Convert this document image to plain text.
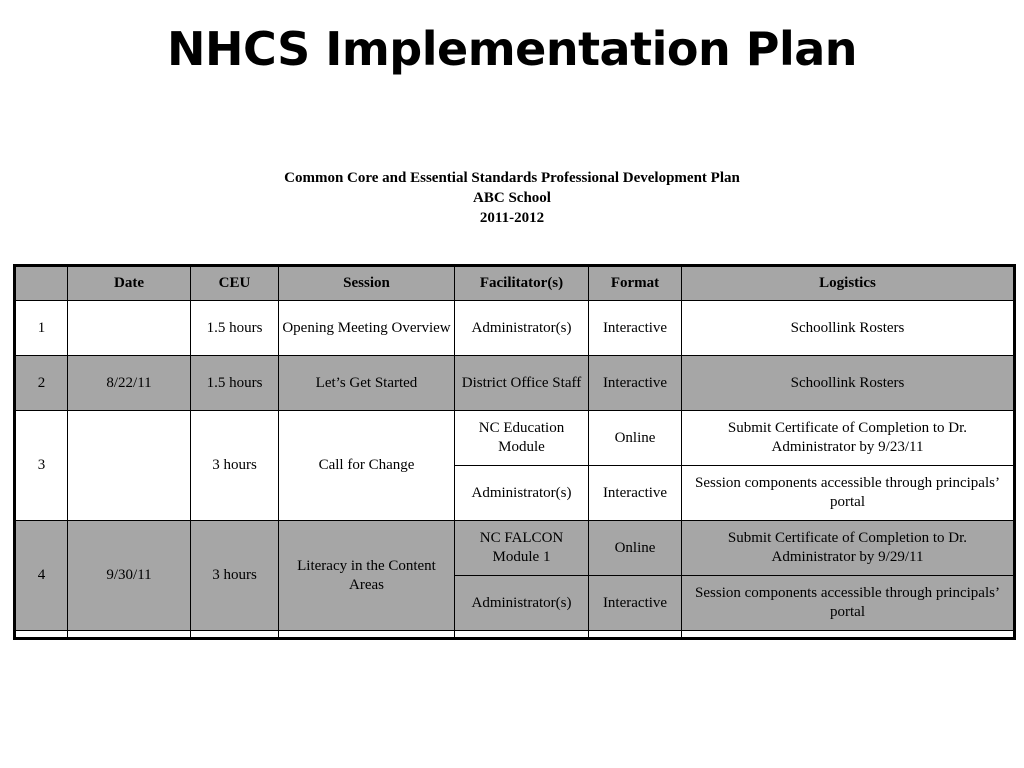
NHCS Implementation Plan
Common Core and Essential Standards Professional Development Plan
ABC School
2011-2012
	Date	CEU	Session	Facilitator(s)	Format	Logistics
1		1.5 hours	Opening Meeting Overview	Administrator(s)	Interactive	Schoollink Rosters
2	8/22/11	1.5 hours	Let’s Get Started	District Office Staff	Interactive	Schoollink Rosters
3		3 hours	Call for Change	NC Education Module	Online	Submit Certificate of Completion to Dr. Administrator by 9/23/11
				Administrator(s)	Interactive	Session components accessible through principals’ portal
4	9/30/11	3 hours	Literacy in the Content Areas	NC FALCON Module 1	Online	Submit Certificate of Completion to Dr. Administrator by 9/29/11
				Administrator(s)	Interactive	Session components accessible through principals’ portal
